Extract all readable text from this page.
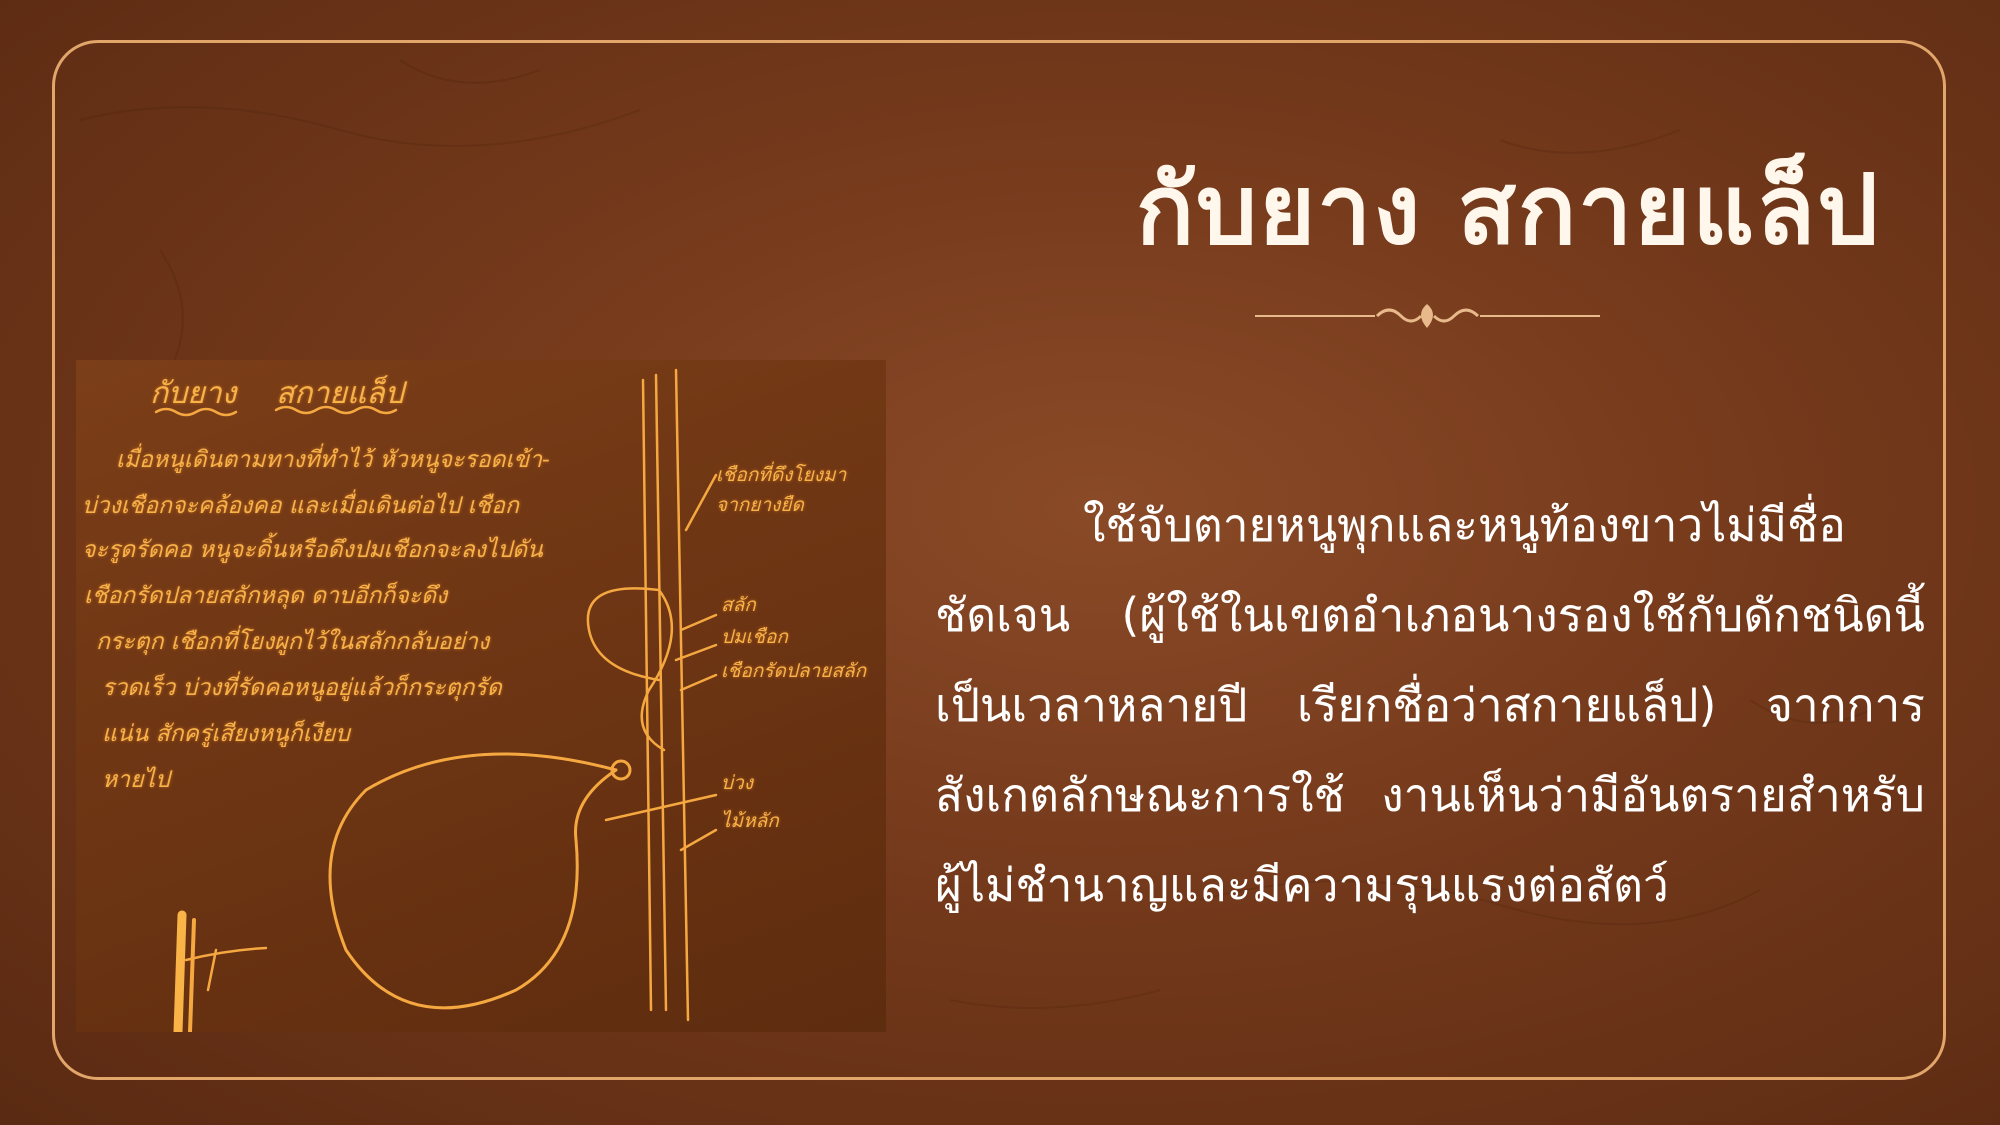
กับยาง สกายแล็ป
ใช้จับตายหนูพุกและหนูท้องขาวไม่มีชื่อชัดเจน (ผู้ใช้ในเขตอำเภอนางรองใช้กับดักชนิดนี้เป็นเวลาหลายปี เรียกชื่อว่าสกายแล็ป) จากการสังเกตลักษณะการใช้ งานเห็นว่ามีอันตรายสำหรับผู้ไม่ชำนาญและมีความรุนแรงต่อสัตว์
กับยาง สกายแล็ป
เมื่อหนูเดินตามทางที่ทำไว้ หัวหนูจะรอดเข้า-
บ่วงเชือกจะคล้องคอ และเมื่อเดินต่อไป เชือก
จะรูดรัดคอ หนูจะดิ้นหรือดึงปมเชือกจะลงไปดัน
เชือกรัดปลายสลักหลุด ดาบอีกก็จะดึง
กระตุก เชือกที่โยงผูกไว้ในสลักกลับอย่าง
รวดเร็ว บ่วงที่รัดคอหนูอยู่แล้วก็กระตุกรัด
แน่น สักครู่เสียงหนูก็เงียบ
หายไป
เชือกที่ดึงโยงมา
จากยางยืด
สลัก
ปมเชือก
เชือกรัดปลายสลัก
บ่วง
ไม้หลัก
